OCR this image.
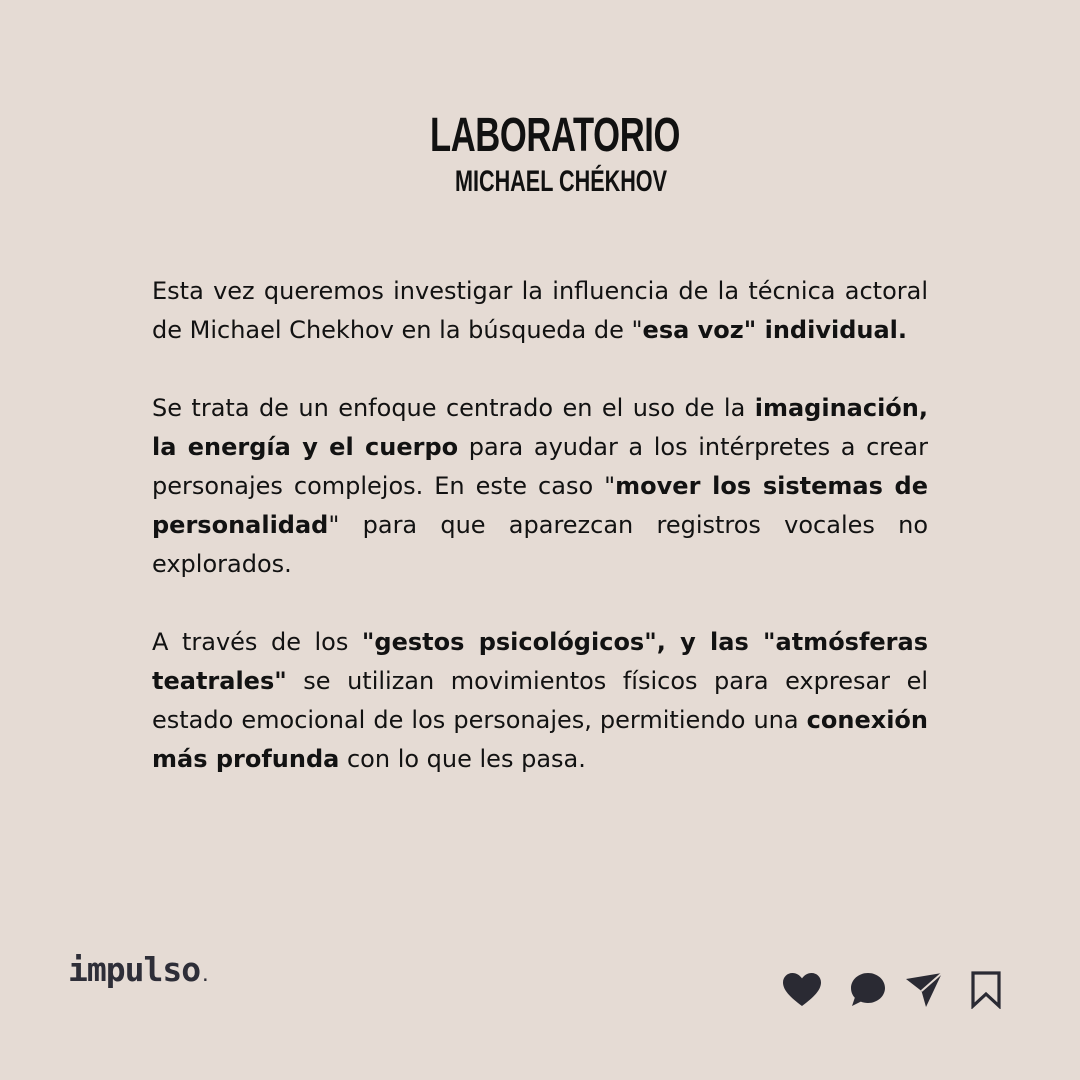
LABORATORIO
MICHAEL CHÉKHOV

Esta vez queremos investigar la influencia de la técnica actoral de Michael Chekhov en la búsqueda de "esa voz" individual.

Se trata de un enfoque centrado en el uso de la imaginación, la energía y el cuerpo para ayudar a los intérpretes a crear personajes complejos. En este caso "mover los sistemas de personalidad" para que aparezcan registros vocales no explorados.

A través de los "gestos psicológicos", y las "atmósferas teatrales" se utilizan movimientos físicos para expresar el estado emocional de los personajes, permitiendo una conexión más profunda con lo que les pasa.

impulso.
